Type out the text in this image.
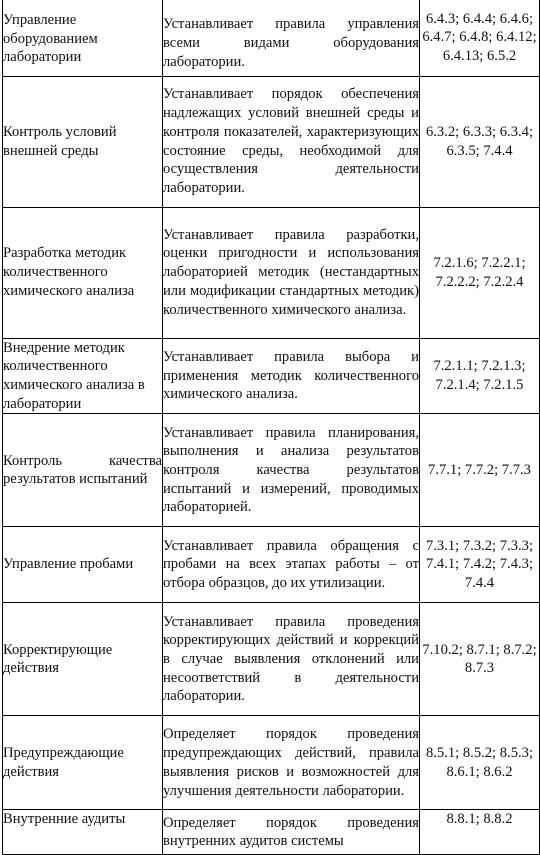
Управление оборудованием лаборатории	Устанавливает правила управления всеми видами оборудования лаборатории.	6.4.3; 6.4.4; 6.4.6; 6.4.7; 6.4.8; 6.4.12; 6.4.13; 6.5.2

Контроль условий внешней среды	Устанавливает порядок обеспечения надлежащих условий внешней среды и контроля показателей, характеризующих состояние среды, необходимой для осуществления деятельности лаборатории.	6.3.2; 6.3.3; 6.3.4; 6.3.5; 7.4.4

Разработка методик количественного химического анализа	Устанавливает правила разработки, оценки пригодности и использования лабораторией методик (нестандартных или модификации стандартных методик) количественного химического анализа.	7.2.1.6; 7.2.2.1; 7.2.2.2; 7.2.2.4

Внедрение методик количественного химического анализа в лаборатории	Устанавливает правила выбора и применения методик количественного химического анализа.	7.2.1.1; 7.2.1.3; 7.2.1.4; 7.2.1.5

Контроль качества результатов испытаний	Устанавливает правила планирования, выполнения и анализа результатов контроля качества результатов испытаний и измерений, проводимых лабораторией.	7.7.1; 7.7.2; 7.7.3

Управление пробами	Устанавливает правила обращения с пробами на всех этапах работы – от отбора образцов, до их утилизации.	7.3.1; 7.3.2; 7.3.3; 7.4.1; 7.4.2; 7.4.3; 7.4.4

Корректирующие действия	Устанавливает правила проведения корректирующих действий и коррекций в случае выявления отклонений или несоответствий в деятельности лаборатории.	7.10.2; 8.7.1; 8.7.2; 8.7.3

Предупреждающие действия	Определяет порядок проведения предупреждающих действий, правила выявления рисков и возможностей для улучшения деятельности лаборатории.	8.5.1; 8.5.2; 8.5.3; 8.6.1; 8.6.2

Внутренние аудиты	Определяет порядок проведения внутренних аудитов системы	8.8.1; 8.8.2
